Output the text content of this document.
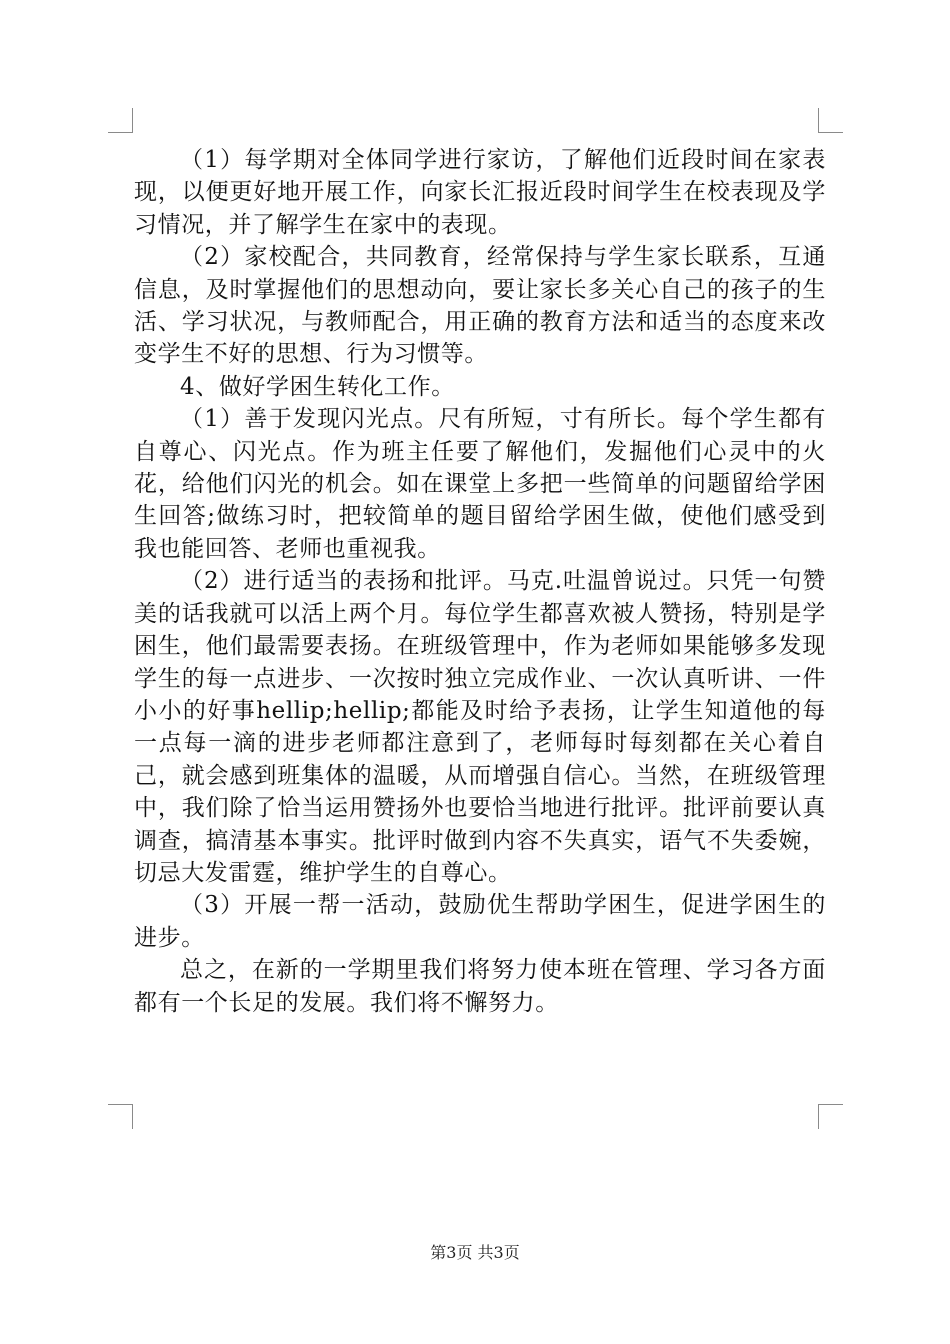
（1）每学期对全体同学进行家访，了解他们近段时间在家表现，以便更好地开展工作，向家长汇报近段时间学生在校表现及学习情况，并了解学生在家中的表现。

（2）家校配合，共同教育，经常保持与学生家长联系，互通信息，及时掌握他们的思想动向，要让家长多关心自己的孩子的生活、学习状况，与教师配合，用正确的教育方法和适当的态度来改变学生不好的思想、行为习惯等。

4、做好学困生转化工作。

（1）善于发现闪光点。尺有所短，寸有所长。每个学生都有自尊心、闪光点。作为班主任要了解他们，发掘他们心灵中的火花，给他们闪光的机会。如在课堂上多把一些简单的问题留给学困生回答;做练习时，把较简单的题目留给学困生做，使他们感受到我也能回答、老师也重视我。

（2）进行适当的表扬和批评。马克.吐温曾说过。只凭一句赞美的话我就可以活上两个月。每位学生都喜欢被人赞扬，特别是学困生，他们最需要表扬。在班级管理中，作为老师如果能够多发现学生的每一点进步、一次按时独立完成作业、一次认真听讲、一件小小的好事hellip;hellip;都能及时给予表扬，让学生知道他的每一点每一滴的进步老师都注意到了，老师每时每刻都在关心着自己，就会感到班集体的温暖，从而增强自信心。当然，在班级管理中，我们除了恰当运用赞扬外也要恰当地进行批评。批评前要认真调查，搞清基本事实。批评时做到内容不失真实，语气不失委婉，切忌大发雷霆，维护学生的自尊心。

（3）开展一帮一活动，鼓励优生帮助学困生，促进学困生的进步。

总之，在新的一学期里我们将努力使本班在管理、学习各方面都有一个长足的发展。我们将不懈努力。

第3页 共3页
